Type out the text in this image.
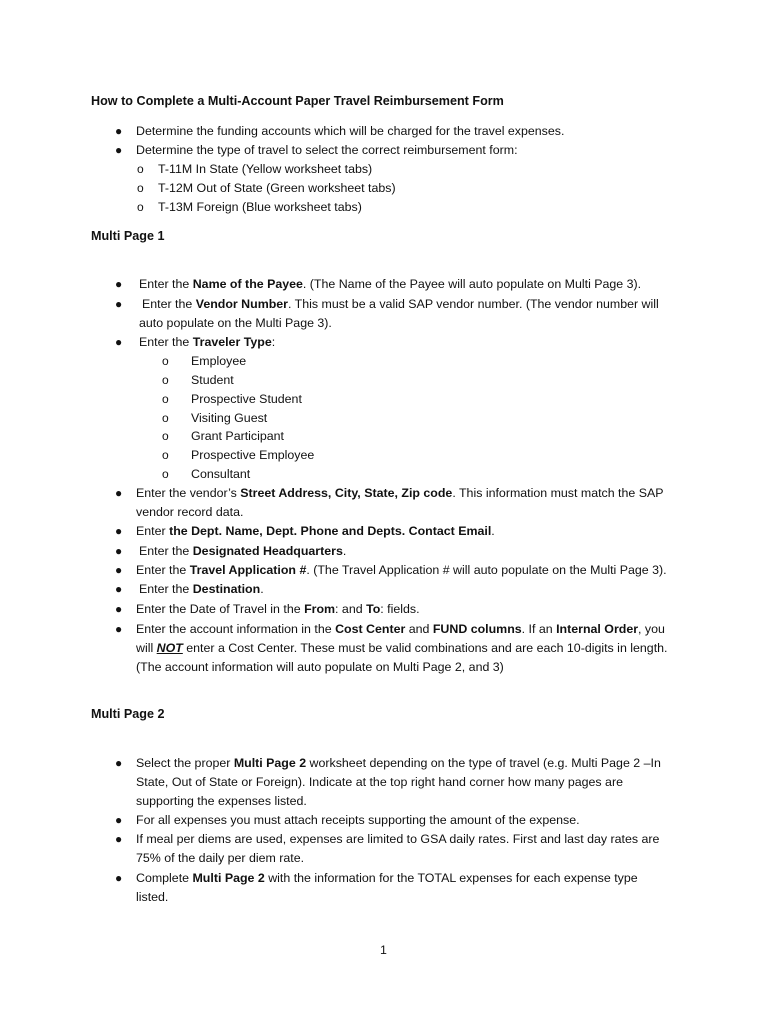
How to Complete a Multi-Account Paper Travel Reimbursement Form
● Determine the funding accounts which will be charged for the travel expenses.
● Determine the type of travel to select the correct reimbursement form:
o T-11M In State (Yellow worksheet tabs)
o T-12M Out of State (Green worksheet tabs)
o T-13M Foreign (Blue worksheet tabs)
Multi Page 1
● Enter the Name of the Payee. (The Name of the Payee will auto populate on Multi Page 3).
● Enter the Vendor Number. This must be a valid SAP vendor number. (The vendor number will
auto populate on the Multi Page 3).
● Enter the Traveler Type:
o Employee
o Student
o Prospective Student
o Visiting Guest
o Grant Participant
o Prospective Employee
o Consultant
● Enter the vendor’s Street Address, City, State, Zip code. This information must match the SAP
vendor record data.
● Enter the Dept. Name, Dept. Phone and Depts. Contact Email.
● Enter the Designated Headquarters.
● Enter the Travel Application #. (The Travel Application # will auto populate on the Multi Page 3).
● Enter the Destination.
● Enter the Date of Travel in the From: and To: fields.
● Enter the account information in the Cost Center and FUND columns. If an Internal Order, you
will NOT enter a Cost Center. These must be valid combinations and are each 10-digits in length.
(The account information will auto populate on Multi Page 2, and 3)
Multi Page 2
● Select the proper Multi Page 2 worksheet depending on the type of travel (e.g. Multi Page 2 –In
State, Out of State or Foreign). Indicate at the top right hand corner how many pages are
supporting the expenses listed.
● For all expenses you must attach receipts supporting the amount of the expense.
● If meal per diems are used, expenses are limited to GSA daily rates. First and last day rates are
75% of the daily per diem rate.
● Complete Multi Page 2 with the information for the TOTAL expenses for each expense type
listed.
1
